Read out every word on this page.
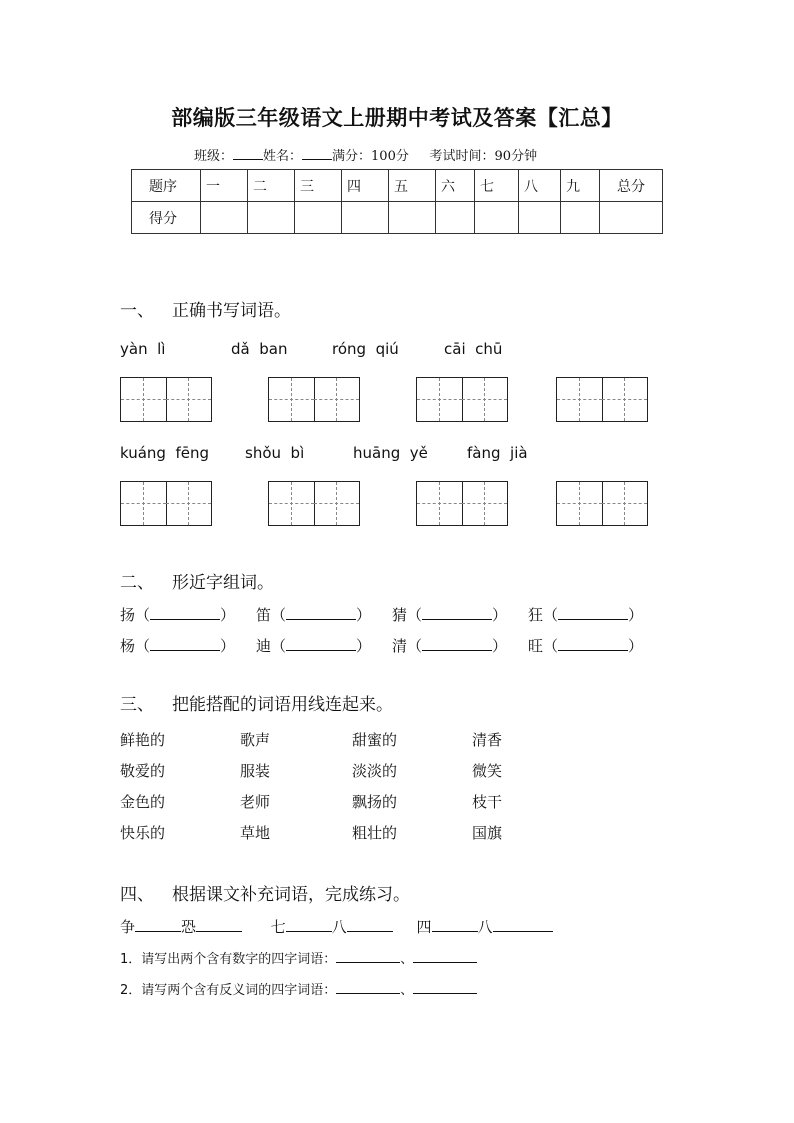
部编版三年级语文上册期中考试及答案【汇总】
班级： 姓名： 满分：100分 考试时间：90分钟
题序	一	二	三	四	五	六	七	八	九	总分
得分										
一、 正确书写词语。
yàn  lì	dǎ  ban	róng  qiú	cāi  chū
kuáng  fēng shǒu  bì	huāng  yě	fàng  jià
二、 形近字组词。
扬（	） 笛（	） 猜（	） 狂（	）
杨（	） 迪（	） 清（	） 旺（	）
三、 把能搭配的词语用线连起来。
鲜艳的	歌声	甜蜜的	清香
敬爱的	服装	淡淡的	微笑
金色的	老师	飘扬的	枝干
快乐的	草地	粗壮的	国旗
四、 根据课文补充词语，完成练习。
争	恐	七	八	四	八
1．请写出两个含有数字的四字词语：	、
2．请写两个含有反义词的四字词语：	、
